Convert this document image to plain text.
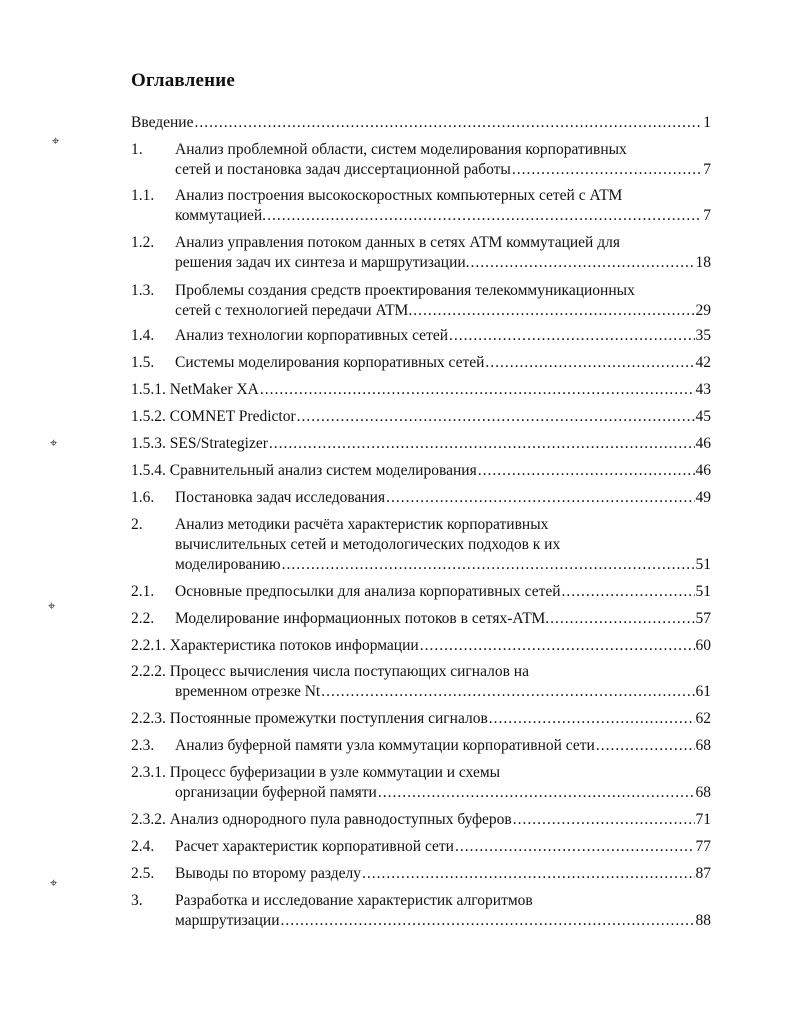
Оглавление
Введение .....	1
1. Анализ проблемной области, систем моделирования корпоративных
сетей и постановка задач диссертационной работы .....	7
1.1. Анализ построения высокоскоростных компьютерных сетей с АТМ
коммутацией. .....	7
1.2. Анализ управления потоком данных в сетях АТМ коммутацией для
решения задач их синтеза и маршрутизации. .....	18
1.3. Проблемы создания средств проектирования телекоммуникационных
сетей с технологией передачи АТМ. .....	29
1.4. Анализ технологии корпоративных сетей .....	35
1.5. Системы моделирования корпоративных сетей .....	42
1.5.1. NetMaker XA .....	43
1.5.2. COMNET Predictor .....	45
1.5.3. SES/Strategizer .....	46
1.5.4. Сравнительный анализ систем моделирования .....	46
1.6. Постановка задач исследования .....	49
2. Анализ методики расчёта характеристик корпоративных
вычислительных сетей и методологических подходов к их
моделированию .....	51
2.1. Основные предпосылки для анализа корпоративных сетей .....	51
2.2. Моделирование информационных потоков в сетях-АТМ. .....	57
2.2.1. Характеристика потоков информации .....	60
2.2.2. Процесс вычисления числа поступающих сигналов на
временном отрезке Nt .....	61
2.2.3. Постоянные промежутки поступления сигналов .....	62
2.3. Анализ буферной памяти узла коммутации корпоративной сети .....	68
2.3.1. Процесс буферизации в узле коммутации и схемы
организации буферной памяти .....	68
2.3.2. Анализ однородного пула равнодоступных буферов .....	71
2.4. Расчет характеристик корпоративной сети .....	77
2.5. Выводы по второму разделу .....	87
3. Разработка и исследование характеристик алгоритмов
маршрутизации .....	88
⌖
⌖
⌖
⌖
